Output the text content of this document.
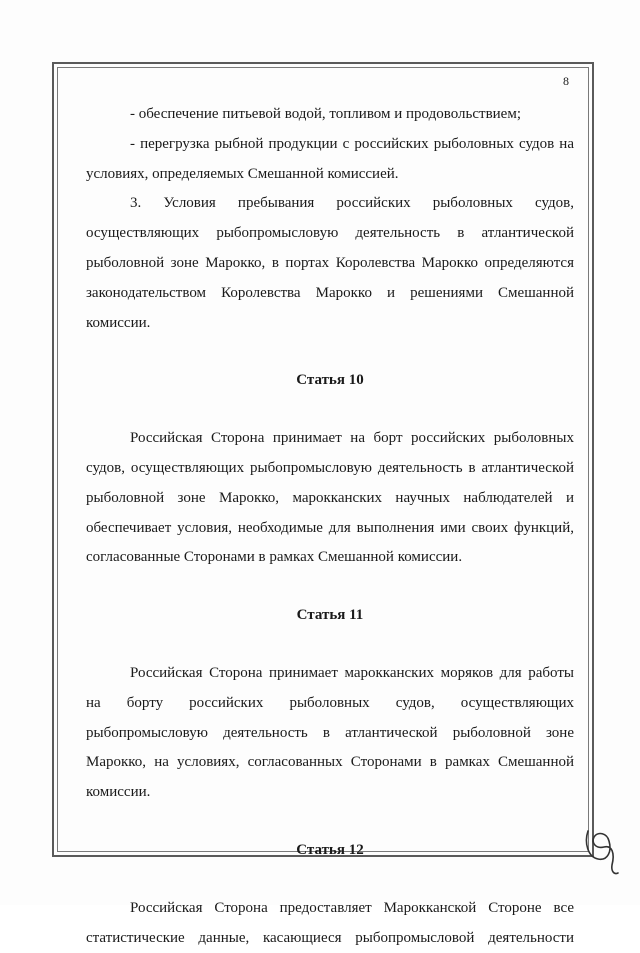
8

- обеспечение питьевой водой, топливом и продовольствием;

- перегрузка рыбной продукции с российских рыболовных судов на условиях, определяемых Смешанной комиссией.

3. Условия пребывания российских рыболовных судов, осуществляющих рыбопромысловую деятельность в атлантической рыболовной зоне Марокко, в портах Королевства Марокко определяются законодательством Королевства Марокко и решениями Смешанной комиссии.

Статья 10

Российская Сторона принимает на борт российских рыболовных судов, осуществляющих рыбопромысловую деятельность в атлантической рыболовной зоне Марокко, марокканских научных наблюдателей и обеспечивает условия, необходимые для выполнения ими своих функций, согласованные Сторонами в рамках Смешанной комиссии.

Статья 11

Российская Сторона принимает марокканских моряков для работы на борту российских рыболовных судов, осуществляющих рыбопромысловую деятельность в атлантической рыболовной зоне Марокко, на условиях, согласованных Сторонами в рамках Смешанной комиссии.

Статья 12

Российская Сторона предоставляет Марокканской Стороне все статистические данные, касающиеся рыбопромысловой деятельности
